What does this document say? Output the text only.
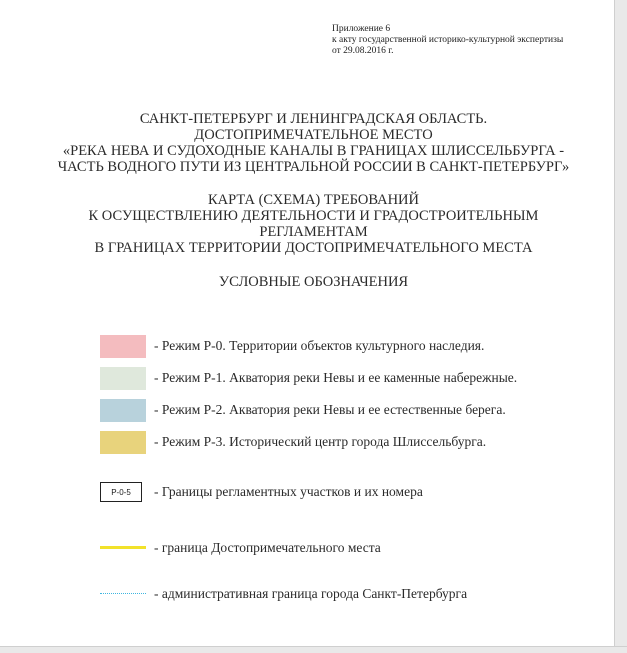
Приложение 6
к акту государственной историко-культурной экспертизы
от 29.08.2016 г.
САНКТ-ПЕТЕРБУРГ И ЛЕНИНГРАДСКАЯ ОБЛАСТЬ.
ДОСТОПРИМЕЧАТЕЛЬНОЕ МЕСТО
«РЕКА НЕВА И СУДОХОДНЫЕ КАНАЛЫ В ГРАНИЦАХ ШЛИССЕЛЬБУРГА -
ЧАСТЬ ВОДНОГО ПУТИ ИЗ ЦЕНТРАЛЬНОЙ РОССИИ В САНКТ-ПЕТЕРБУРГ»
КАРТА (СХЕМА) ТРЕБОВАНИЙ
К ОСУЩЕСТВЛЕНИЮ ДЕЯТЕЛЬНОСТИ И ГРАДОСТРОИТЕЛЬНЫМ
РЕГЛАМЕНТАМ
В ГРАНИЦАХ ТЕРРИТОРИИ ДОСТОПРИМЕЧАТЕЛЬНОГО МЕСТА
УСЛОВНЫЕ ОБОЗНАЧЕНИЯ
- Режим Р-0. Территории объектов культурного наследия.
- Режим Р-1. Акватория реки Невы и ее каменные набережные.
- Режим Р-2. Акватория реки Невы и ее естественные берега.
- Режим Р-3. Исторический центр города Шлиссельбурга.
Р-0-5	- Границы регламентных участков и их номера
- граница Достопримечательного места
- административная граница города Санкт-Петербурга
